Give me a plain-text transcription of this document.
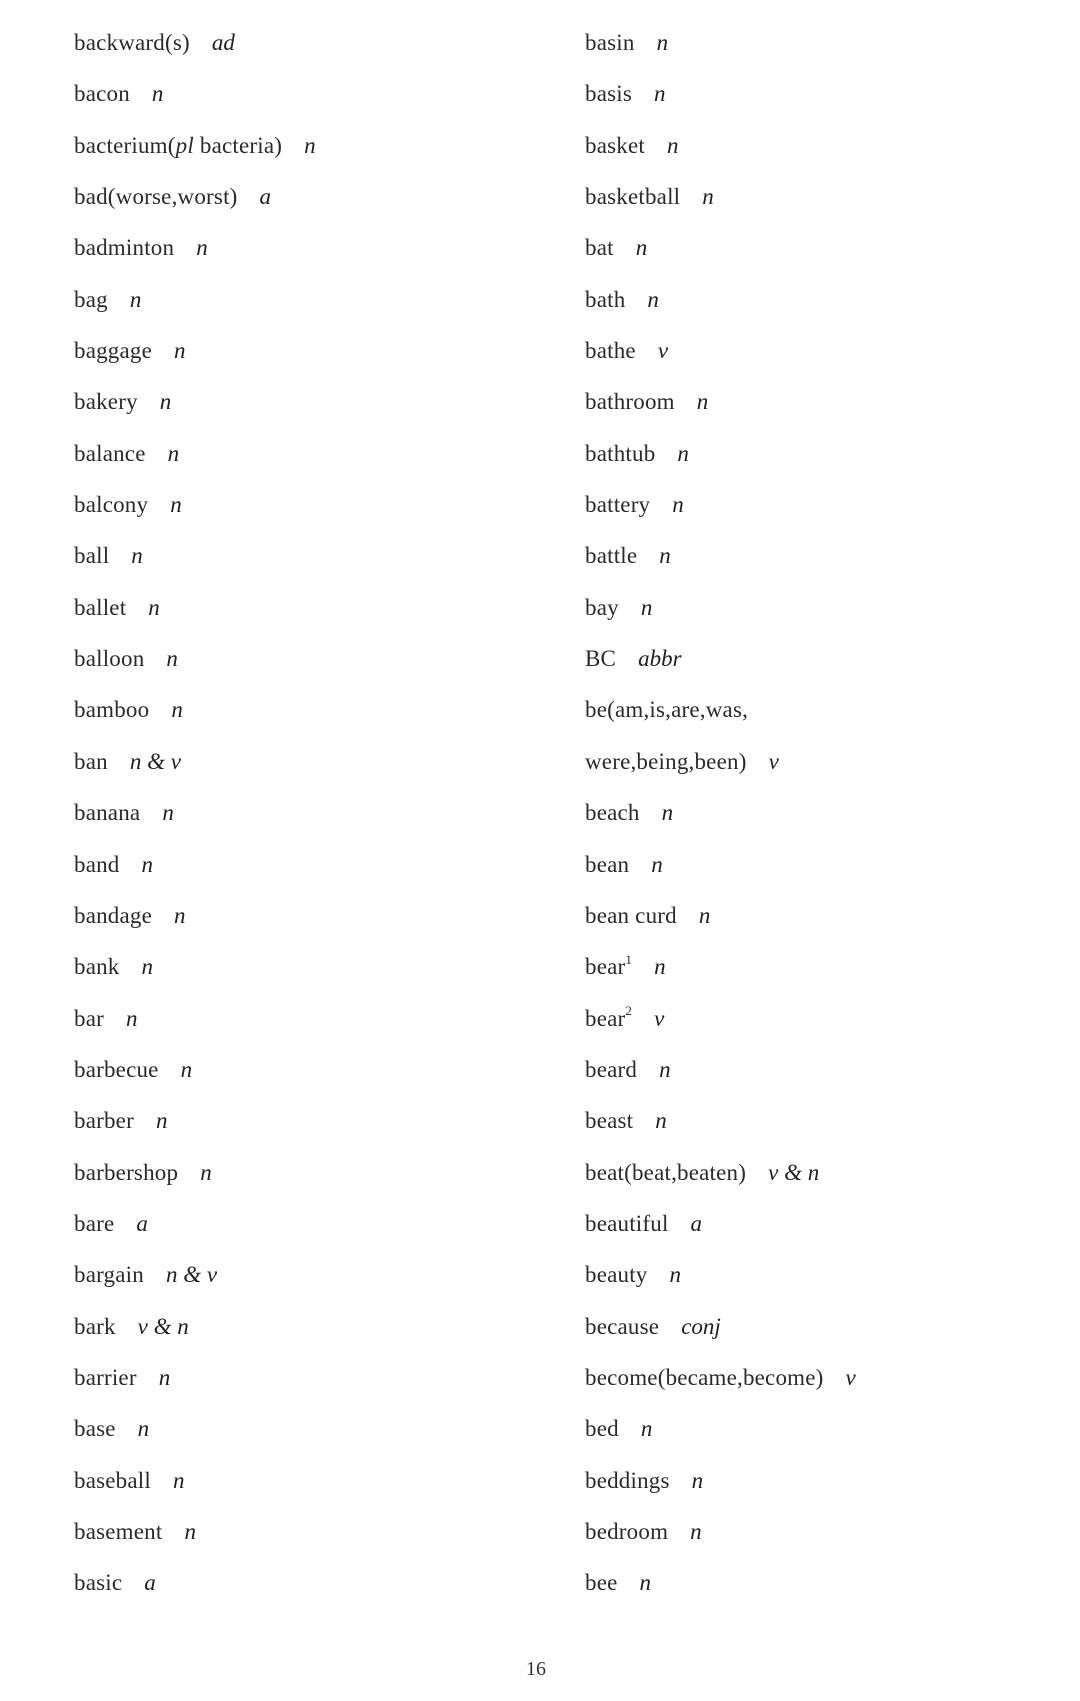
backward(s) ad
bacon n
bacterium(pl bacteria) n
bad(worse,worst) a
badminton n
bag n
baggage n
bakery n
balance n
balcony n
ball n
ballet n
balloon n
bamboo n
ban n & v
banana n
band n
bandage n
bank n
bar n
barbecue n
barber n
barbershop n
bare a
bargain n & v
bark v & n
barrier n
base n
baseball n
basement n
basic a
basin n
basis n
basket n
basketball n
bat n
bath n
bathe v
bathroom n
bathtub n
battery n
battle n
bay n
BC abbr
be(am,is,are,was,
were,being,been) v
beach n
bean n
bean curd n
bear$^1$ n
bear$^2$ v
beard n
beast n
beat(beat,beaten) v & n
beautiful a
beauty n
because conj
become(became,become) v
bed n
beddings n
bedroom n
bee n
16
